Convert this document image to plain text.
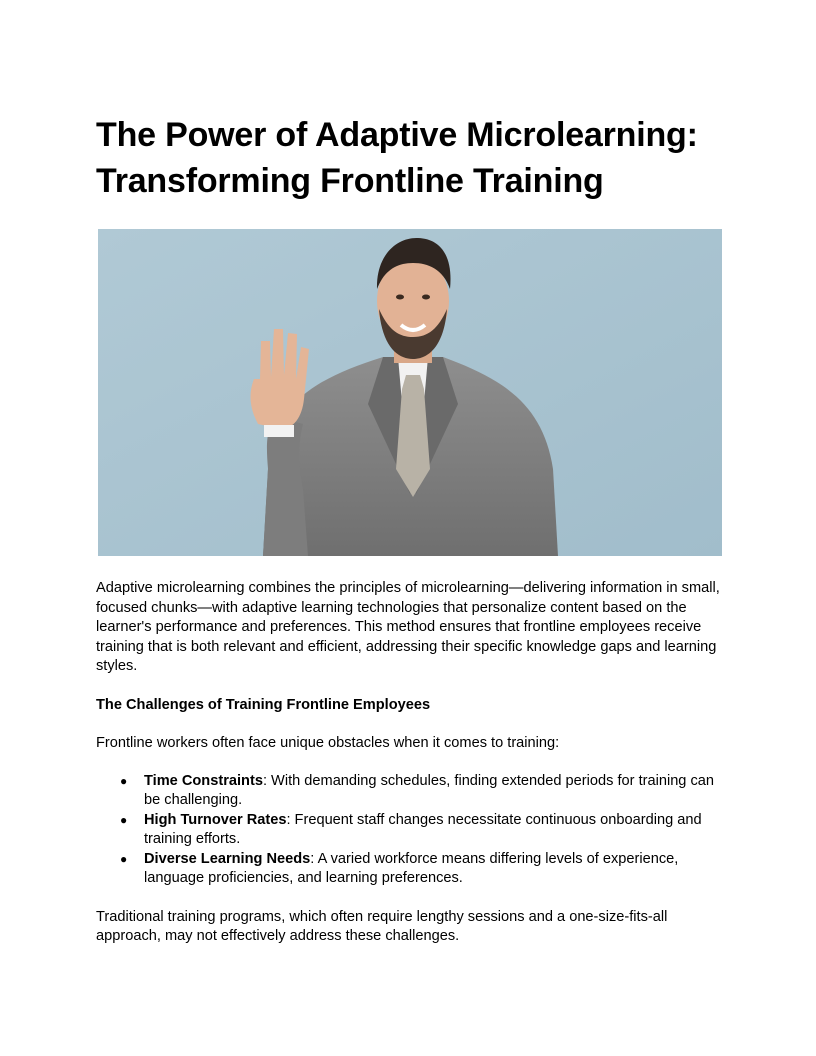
The Power of Adaptive Microlearning: Transforming Frontline Training

Adaptive microlearning combines the principles of microlearning—delivering information in small, focused chunks—with adaptive learning technologies that personalize content based on the learner's performance and preferences. This method ensures that frontline employees receive training that is both relevant and efficient, addressing their specific knowledge gaps and learning styles.

The Challenges of Training Frontline Employees

Frontline workers often face unique obstacles when it comes to training:

● Time Constraints: With demanding schedules, finding extended periods for training can be challenging.
● High Turnover Rates: Frequent staff changes necessitate continuous onboarding and training efforts.
● Diverse Learning Needs: A varied workforce means differing levels of experience, language proficiencies, and learning preferences.

Traditional training programs, which often require lengthy sessions and a one-size-fits-all approach, may not effectively address these challenges.
